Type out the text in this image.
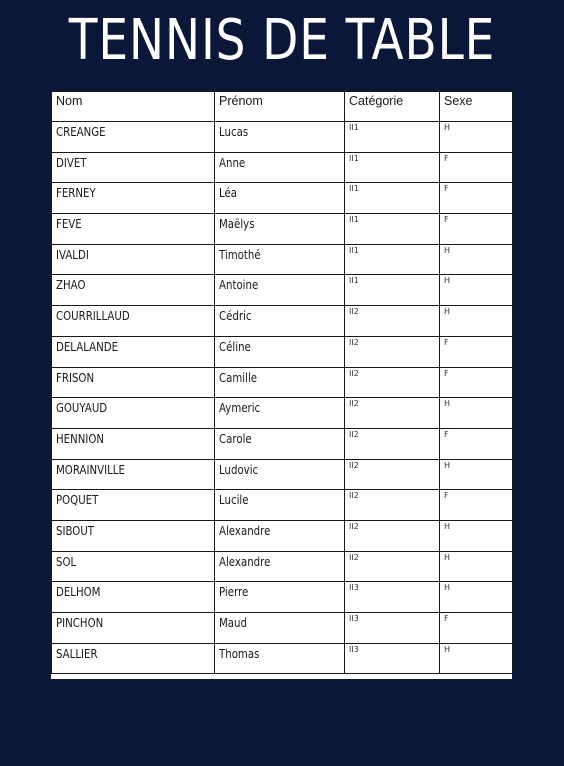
TENNIS DE TABLE
Nom	Prénom	Catégorie	Sexe
CREANGE	Lucas	II1	H
DIVET	Anne	II1	F
FERNEY	Léa	II1	F
FEVE	Maëlys	II1	F
IVALDI	Timothé	II1	H
ZHAO	Antoine	II1	H
COURRILLAUD	Cédric	II2	H
DELALANDE	Céline	II2	F
FRISON	Camille	II2	F
GOUYAUD	Aymeric	II2	H
HENNION	Carole	II2	F
MORAINVILLE	Ludovic	II2	H
POQUET	Lucile	II2	F
SIBOUT	Alexandre	II2	H
SOL	Alexandre	II2	H
DELHOM	Pierre	II3	H
PINCHON	Maud	II3	F
SALLIER	Thomas	II3	H
